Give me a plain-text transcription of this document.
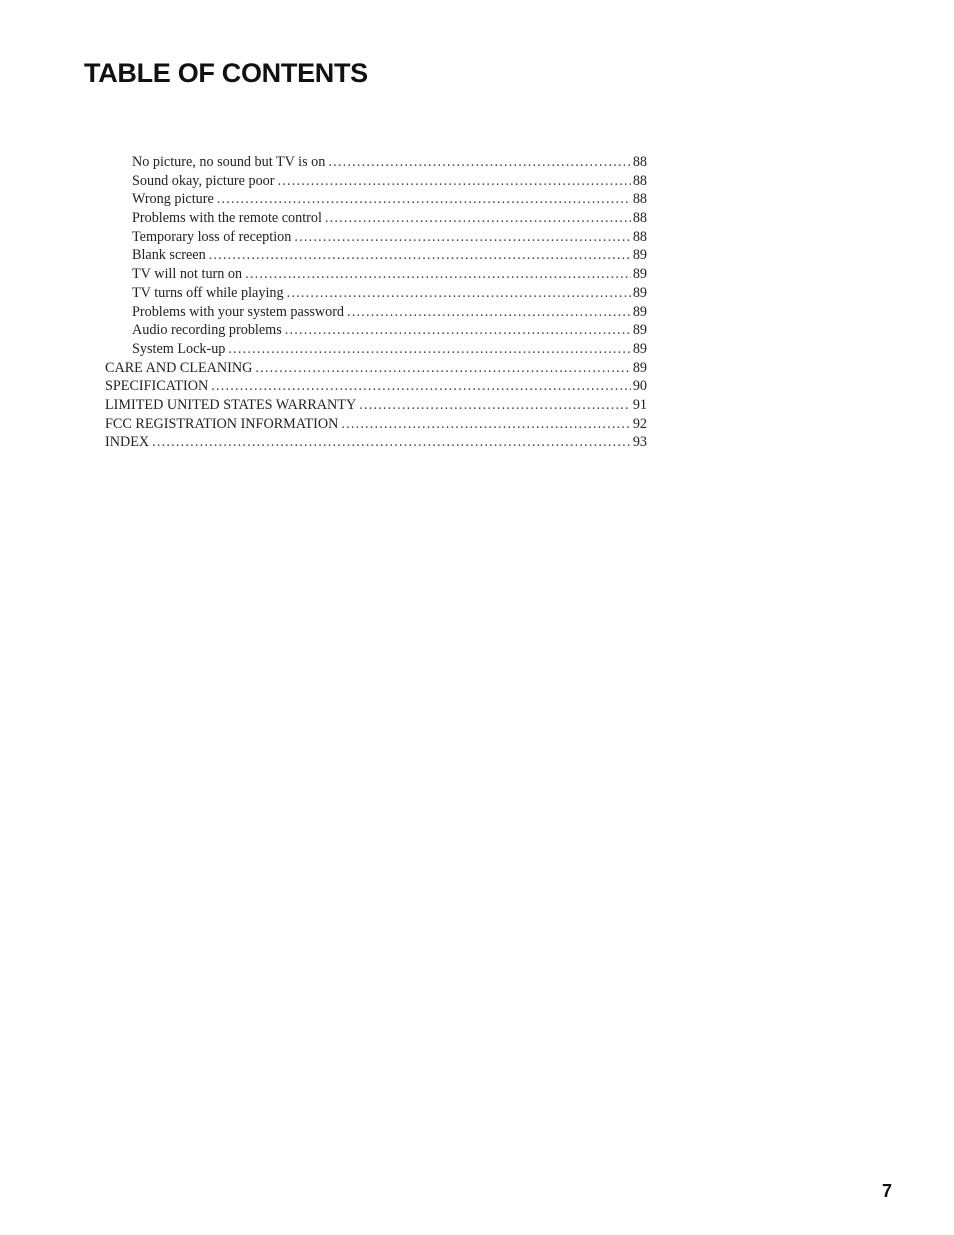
TABLE OF CONTENTS
No picture, no sound but TV is on .....	88
Sound okay, picture poor .....	88
Wrong picture .....	88
Problems with the remote control .....	88
Temporary loss of reception .....	88
Blank screen .....	89
TV will not turn on .....	89
TV turns off while playing .....	89
Problems with your system password .....	89
Audio recording problems .....	89
System Lock-up .....	89
CARE AND CLEANING .....	89
SPECIFICATION .....	90
LIMITED UNITED STATES WARRANTY .....	91
FCC REGISTRATION INFORMATION .....	92
INDEX .....	93
7
